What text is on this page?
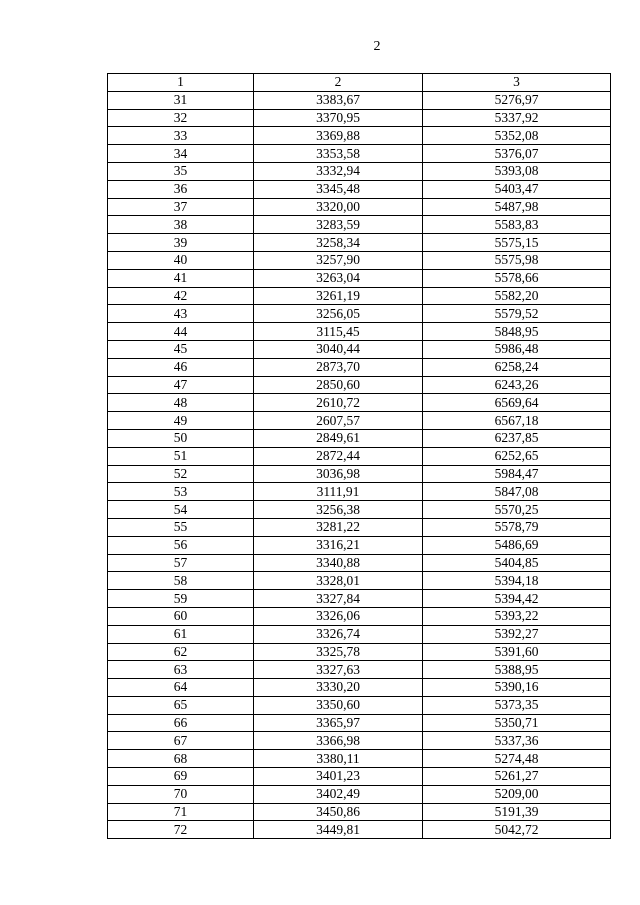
2
1	2	3
31	3383,67	5276,97
32	3370,95	5337,92
33	3369,88	5352,08
34	3353,58	5376,07
35	3332,94	5393,08
36	3345,48	5403,47
37	3320,00	5487,98
38	3283,59	5583,83
39	3258,34	5575,15
40	3257,90	5575,98
41	3263,04	5578,66
42	3261,19	5582,20
43	3256,05	5579,52
44	3115,45	5848,95
45	3040,44	5986,48
46	2873,70	6258,24
47	2850,60	6243,26
48	2610,72	6569,64
49	2607,57	6567,18
50	2849,61	6237,85
51	2872,44	6252,65
52	3036,98	5984,47
53	3111,91	5847,08
54	3256,38	5570,25
55	3281,22	5578,79
56	3316,21	5486,69
57	3340,88	5404,85
58	3328,01	5394,18
59	3327,84	5394,42
60	3326,06	5393,22
61	3326,74	5392,27
62	3325,78	5391,60
63	3327,63	5388,95
64	3330,20	5390,16
65	3350,60	5373,35
66	3365,97	5350,71
67	3366,98	5337,36
68	3380,11	5274,48
69	3401,23	5261,27
70	3402,49	5209,00
71	3450,86	5191,39
72	3449,81	5042,72
